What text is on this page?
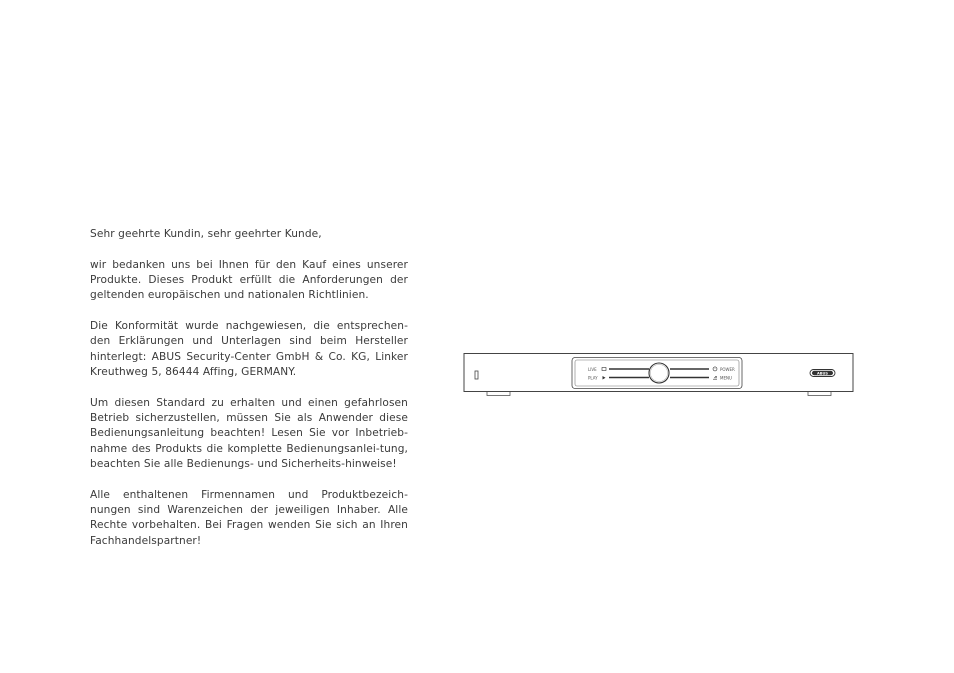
Sehr geehrte Kundin, sehr geehrter Kunde,

wir bedanken uns bei Ihnen für den Kauf eines unserer Produkte. Dieses Produkt erfüllt die Anforderungen der geltenden europäischen und nationalen Richtlinien.

Die Konformität wurde nachgewiesen, die entsprechen-den Erklärungen und Unterlagen sind beim Hersteller hinterlegt: ABUS Security-Center GmbH & Co. KG, Linker Kreuthweg 5, 86444 Affing, GERMANY.

Um diesen Standard zu erhalten und einen gefahrlosen Betrieb sicherzustellen, müssen Sie als Anwender diese Bedienungsanleitung beachten! Lesen Sie vor Inbetrieb-nahme des Produkts die komplette Bedienungsanlei-tung, beachten Sie alle Bedienungs- und Sicherheits-hinweise!

Alle enthaltenen Firmennamen und Produktbezeich-nungen sind Warenzeichen der jeweiligen Inhaber. Alle Rechte vorbehalten. Bei Fragen wenden Sie sich an Ihren Fachhandelspartner!

LIVE
PLAY
POWER
MENU
ABUS
